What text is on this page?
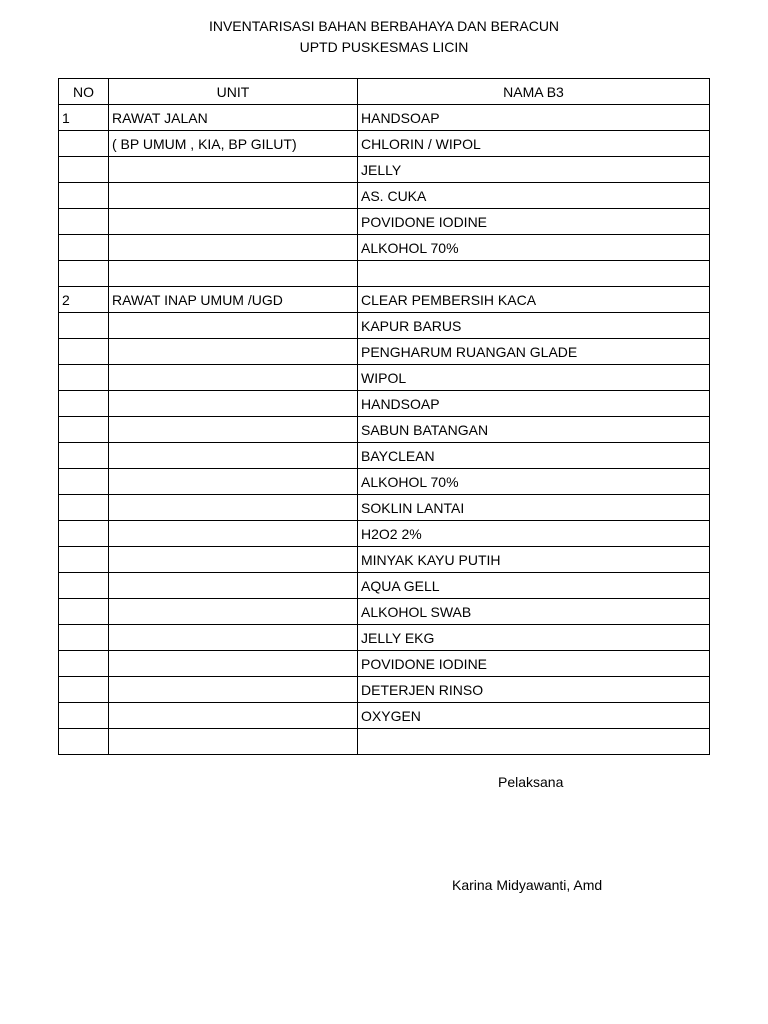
INVENTARISASI BAHAN BERBAHAYA DAN BERACUN
UPTD PUSKESMAS LICIN
NO	UNIT	NAMA B3
1	RAWAT JALAN	HANDSOAP
	( BP UMUM , KIA, BP GILUT)	CHLORIN / WIPOL
		JELLY
		AS. CUKA
		POVIDONE IODINE
		ALKOHOL 70%

2	RAWAT INAP UMUM /UGD	CLEAR PEMBERSIH KACA
		KAPUR BARUS
		PENGHARUM RUANGAN GLADE
		WIPOL
		HANDSOAP
		SABUN BATANGAN
		BAYCLEAN
		ALKOHOL 70%
		SOKLIN LANTAI
		H2O2 2%
		MINYAK KAYU PUTIH
		AQUA GELL
		ALKOHOL SWAB
		JELLY EKG
		POVIDONE IODINE
		DETERJEN RINSO
		OXYGEN

Pelaksana
Karina Midyawanti, Amd
